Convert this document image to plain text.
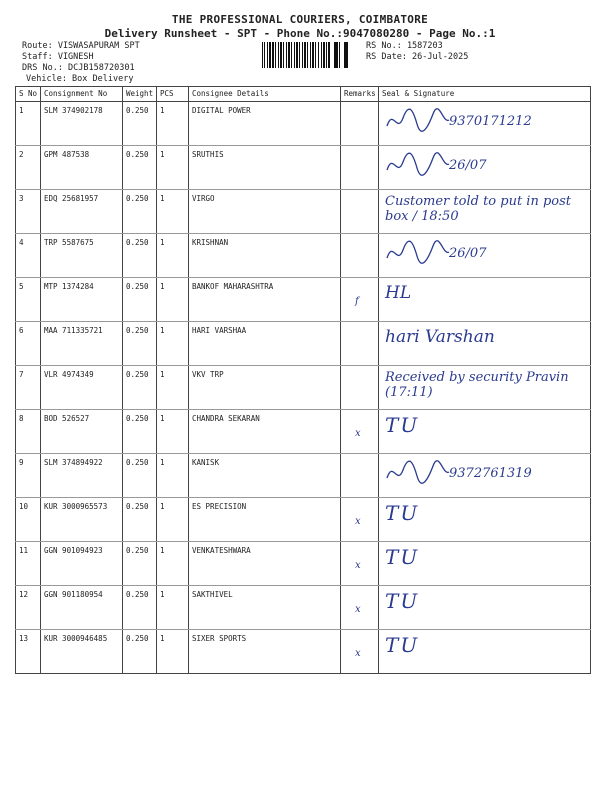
THE PROFESSIONAL COURIERS, COIMBATORE
Delivery Runsheet - SPT - Phone No.:9047080280 - Page No.:1
Route: VISWASAPURAM SPT
Staff: VIGNESH
DRS No.: DCJB158720301
Vehicle: Box Delivery
RS No.: 1587203
RS Date: 26-Jul-2025
S No	Consignment No	Weight	PCS	Consignee Details	Remarks	Seal & Signature
1	SLM 374902178	0.250	1	DIGITAL POWER		9370171212

2	GPM 487538	0.250	1	SRUTHIS		26/07

3	EDQ 25681957	0.250	1	VIRGO		Customer told to put in post box / 18:50

4	TRP 5587675	0.250	1	KRISHNAN		26/07

5	MTP 1374284	0.250	1	BANKOF MAHARASHTRA	f	HL

6	MAA 711335721	0.250	1	HARI VARSHAA		hari Varshan

7	VLR 4974349	0.250	1	VKV TRP		Received by security Pravin (17:11)

8	BOD 526527	0.250	1	CHANDRA SEKARAN	x	TU

9	SLM 374894922	0.250	1	KANISK		9372761319

10	KUR 3000965573	0.250	1	ES PRECISION	x	TU

11	GGN 901094923	0.250	1	VENKATESHWARA	x	TU

12	GGN 901180954	0.250	1	SAKTHIVEL	x	TU

13	KUR 3000946485	0.250	1	SIXER SPORTS	x	TU
